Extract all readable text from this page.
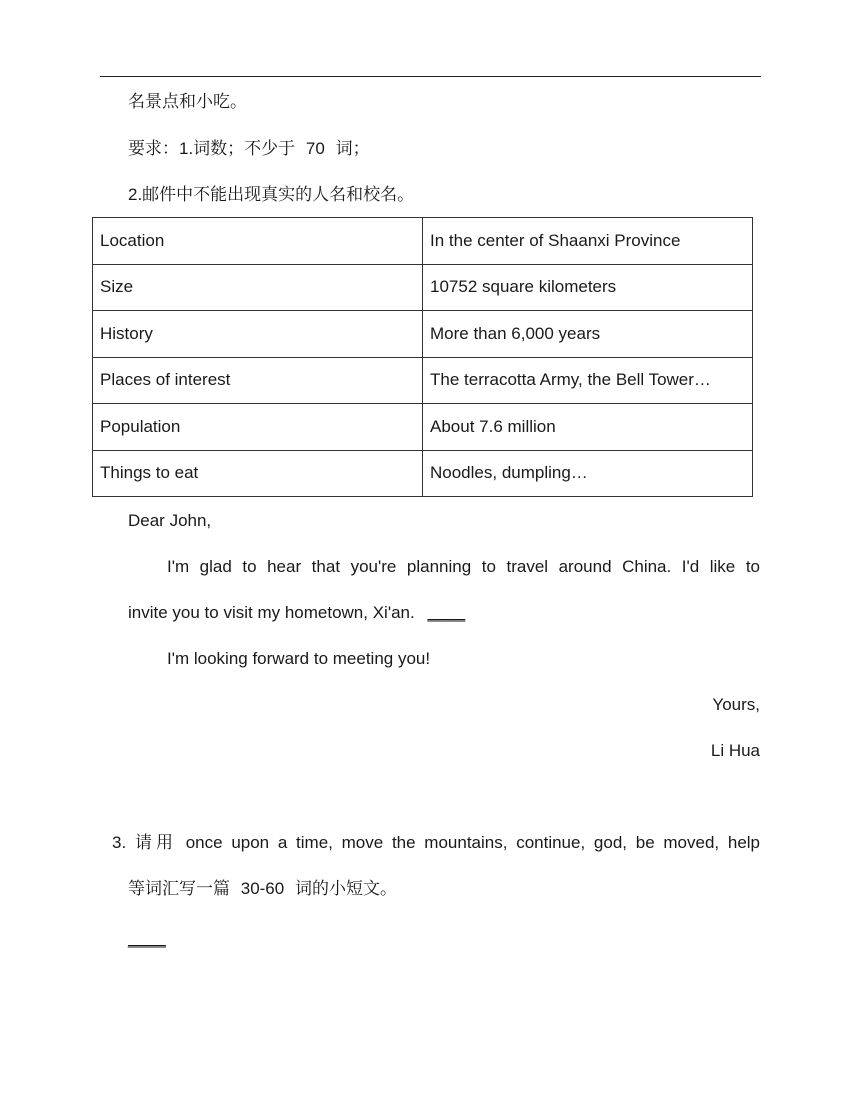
名景点和小吃。
要求：1.词数；不少于 70 词；
2.邮件中不能出现真实的人名和校名。
Location	In the center of Shaanxi Province
Size	10752 square kilometers
History	More than 6,000 years
Places of interest	The terracotta Army, the Bell Tower…
Population	About 7.6 million
Things to eat	Noodles, dumpling…
Dear John,
I'm glad to hear that you're planning to travel around China. I'd like to
invite you to visit my hometown, Xi'an. ____
I'm looking forward to meeting you!
Yours,
Li Hua
3. 请用 once upon a time, move the mountains, continue, god, be moved, help
等词汇写一篇 30-60 词的小短文。
____
